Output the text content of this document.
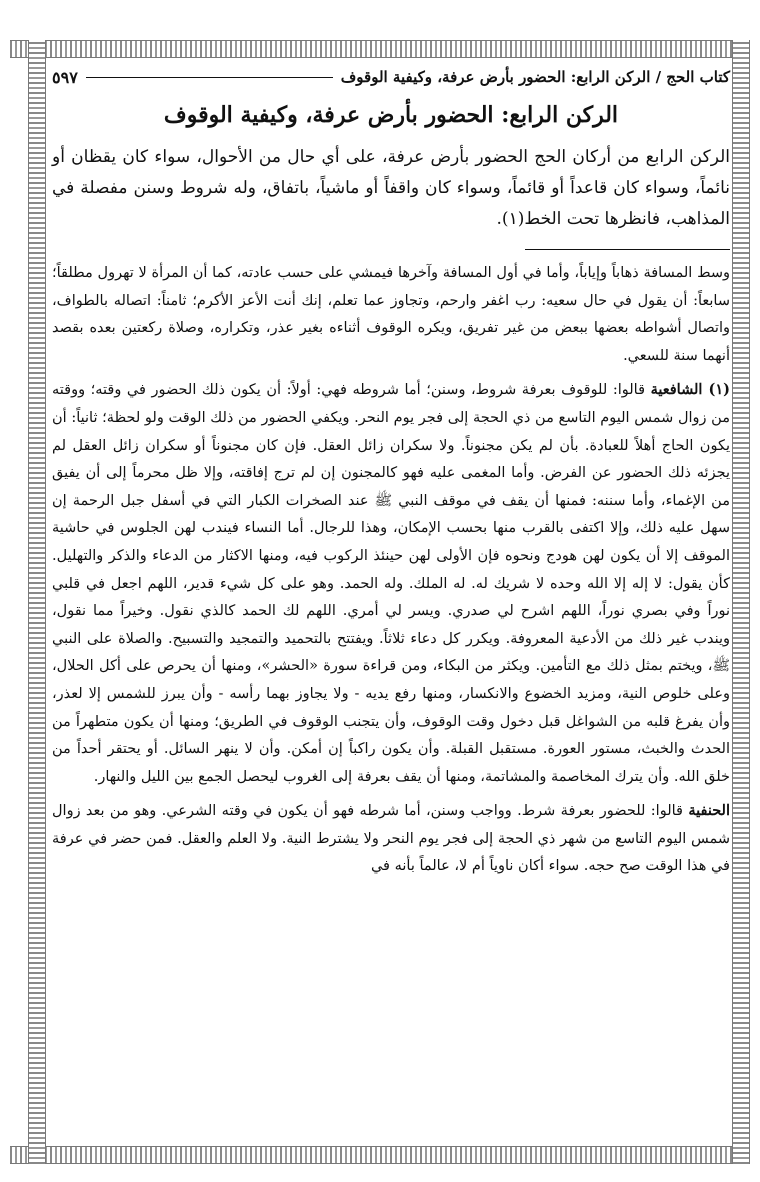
كتاب الحج / الركن الرابع: الحضور بأرض عرفة، وكيفية الوقوف
٥٩٧
الركن الرابع: الحضور بأرض عرفة، وكيفية الوقوف

الركن الرابع من أركان الحج الحضور بأرض عرفة، على أي حال من الأحوال، سواء كان يقظان أو نائماً، وسواء كان قاعداً أو قائماً، وسواء كان واقفاً أو ماشياً، باتفاق، وله شروط وسنن مفصلة في المذاهب، فانظرها تحت الخط(١).

وسط المسافة ذهاباً وإياباً، وأما في أول المسافة وآخرها فيمشي على حسب عادته، كما أن المرأة لا تهرول مطلقاً؛ سابعاً: أن يقول في حال سعيه: رب اغفر وارحم، وتجاوز عما تعلم، إنك أنت الأعز الأكرم؛ ثامناً: اتصاله بالطواف، واتصال أشواطه بعضها ببعض من غير تفريق، ويكره الوقوف أثناءه بغير عذر، وتكراره، وصلاة ركعتين بعده بقصد أنهما سنة للسعي.

(١) الشافعية قالوا: للوقوف بعرفة شروط، وسنن؛ أما شروطه فهي: أولاً: أن يكون ذلك الحضور في وقته؛ ووقته من زوال شمس اليوم التاسع من ذي الحجة إلى فجر يوم النحر. ويكفي الحضور من ذلك الوقت ولو لحظة؛ ثانياً: أن يكون الحاج أهلاً للعبادة. بأن لم يكن مجنوناً. ولا سكران زائل العقل. فإن كان مجنوناً أو سكران زائل العقل لم يجزئه ذلك الحضور عن الفرض. وأما المغمى عليه فهو كالمجنون إن لم ترج إفاقته، وإلا ظل محرماً إلى أن يفيق من الإغماء، وأما سننه: فمنها أن يقف في موقف النبي ﷺ عند الصخرات الكبار التي في أسفل جبل الرحمة إن سهل عليه ذلك، وإلا اكتفى بالقرب منها بحسب الإمكان، وهذا للرجال. أما النساء فيندب لهن الجلوس في حاشية الموقف إلا أن يكون لهن هودج ونحوه فإن الأولى لهن حينئذ الركوب فيه، ومنها الاكثار من الدعاء والذكر والتهليل. كأن يقول: لا إله إلا الله وحده لا شريك له. له الملك. وله الحمد. وهو على كل شيء قدير، اللهم اجعل في قلبي نوراً وفي بصري نوراً، اللهم اشرح لي صدري. ويسر لي أمري. اللهم لك الحمد كالذي نقول. وخيراً مما نقول، ويندب غير ذلك من الأدعية المعروفة. ويكرر كل دعاء ثلاثاً. ويفتتح بالتحميد والتمجيد والتسبيح. والصلاة على النبي ﷺ، ويختم بمثل ذلك مع التأمين. ويكثر من البكاء، ومن قراءة سورة «الحشر»، ومنها أن يحرص على أكل الحلال، وعلى خلوص النية، ومزيد الخضوع والانكسار، ومنها رفع يديه - ولا يجاوز بهما رأسه - وأن يبرز للشمس إلا لعذر، وأن يفرغ قلبه من الشواغل قبل دخول وقت الوقوف، وأن يتجنب الوقوف في الطريق؛ ومنها أن يكون متطهراً من الحدث والخبث، مستور العورة. مستقبل القبلة. وأن يكون راكباً إن أمكن. وأن لا ينهر السائل. أو يحتقر أحداً من خلق الله. وأن يترك المخاصمة والمشاتمة، ومنها أن يقف بعرفة إلى الغروب ليحصل الجمع بين الليل والنهار.

الحنفية قالوا: للحضور بعرفة شرط. وواجب وسنن، أما شرطه فهو أن يكون في وقته الشرعي. وهو من بعد زوال شمس اليوم التاسع من شهر ذي الحجة إلى فجر يوم النحر ولا يشترط النية. ولا العلم والعقل. فمن حضر في عرفة في هذا الوقت صح حجه. سواء أكان ناوياً أم لا، عالماً بأنه في
